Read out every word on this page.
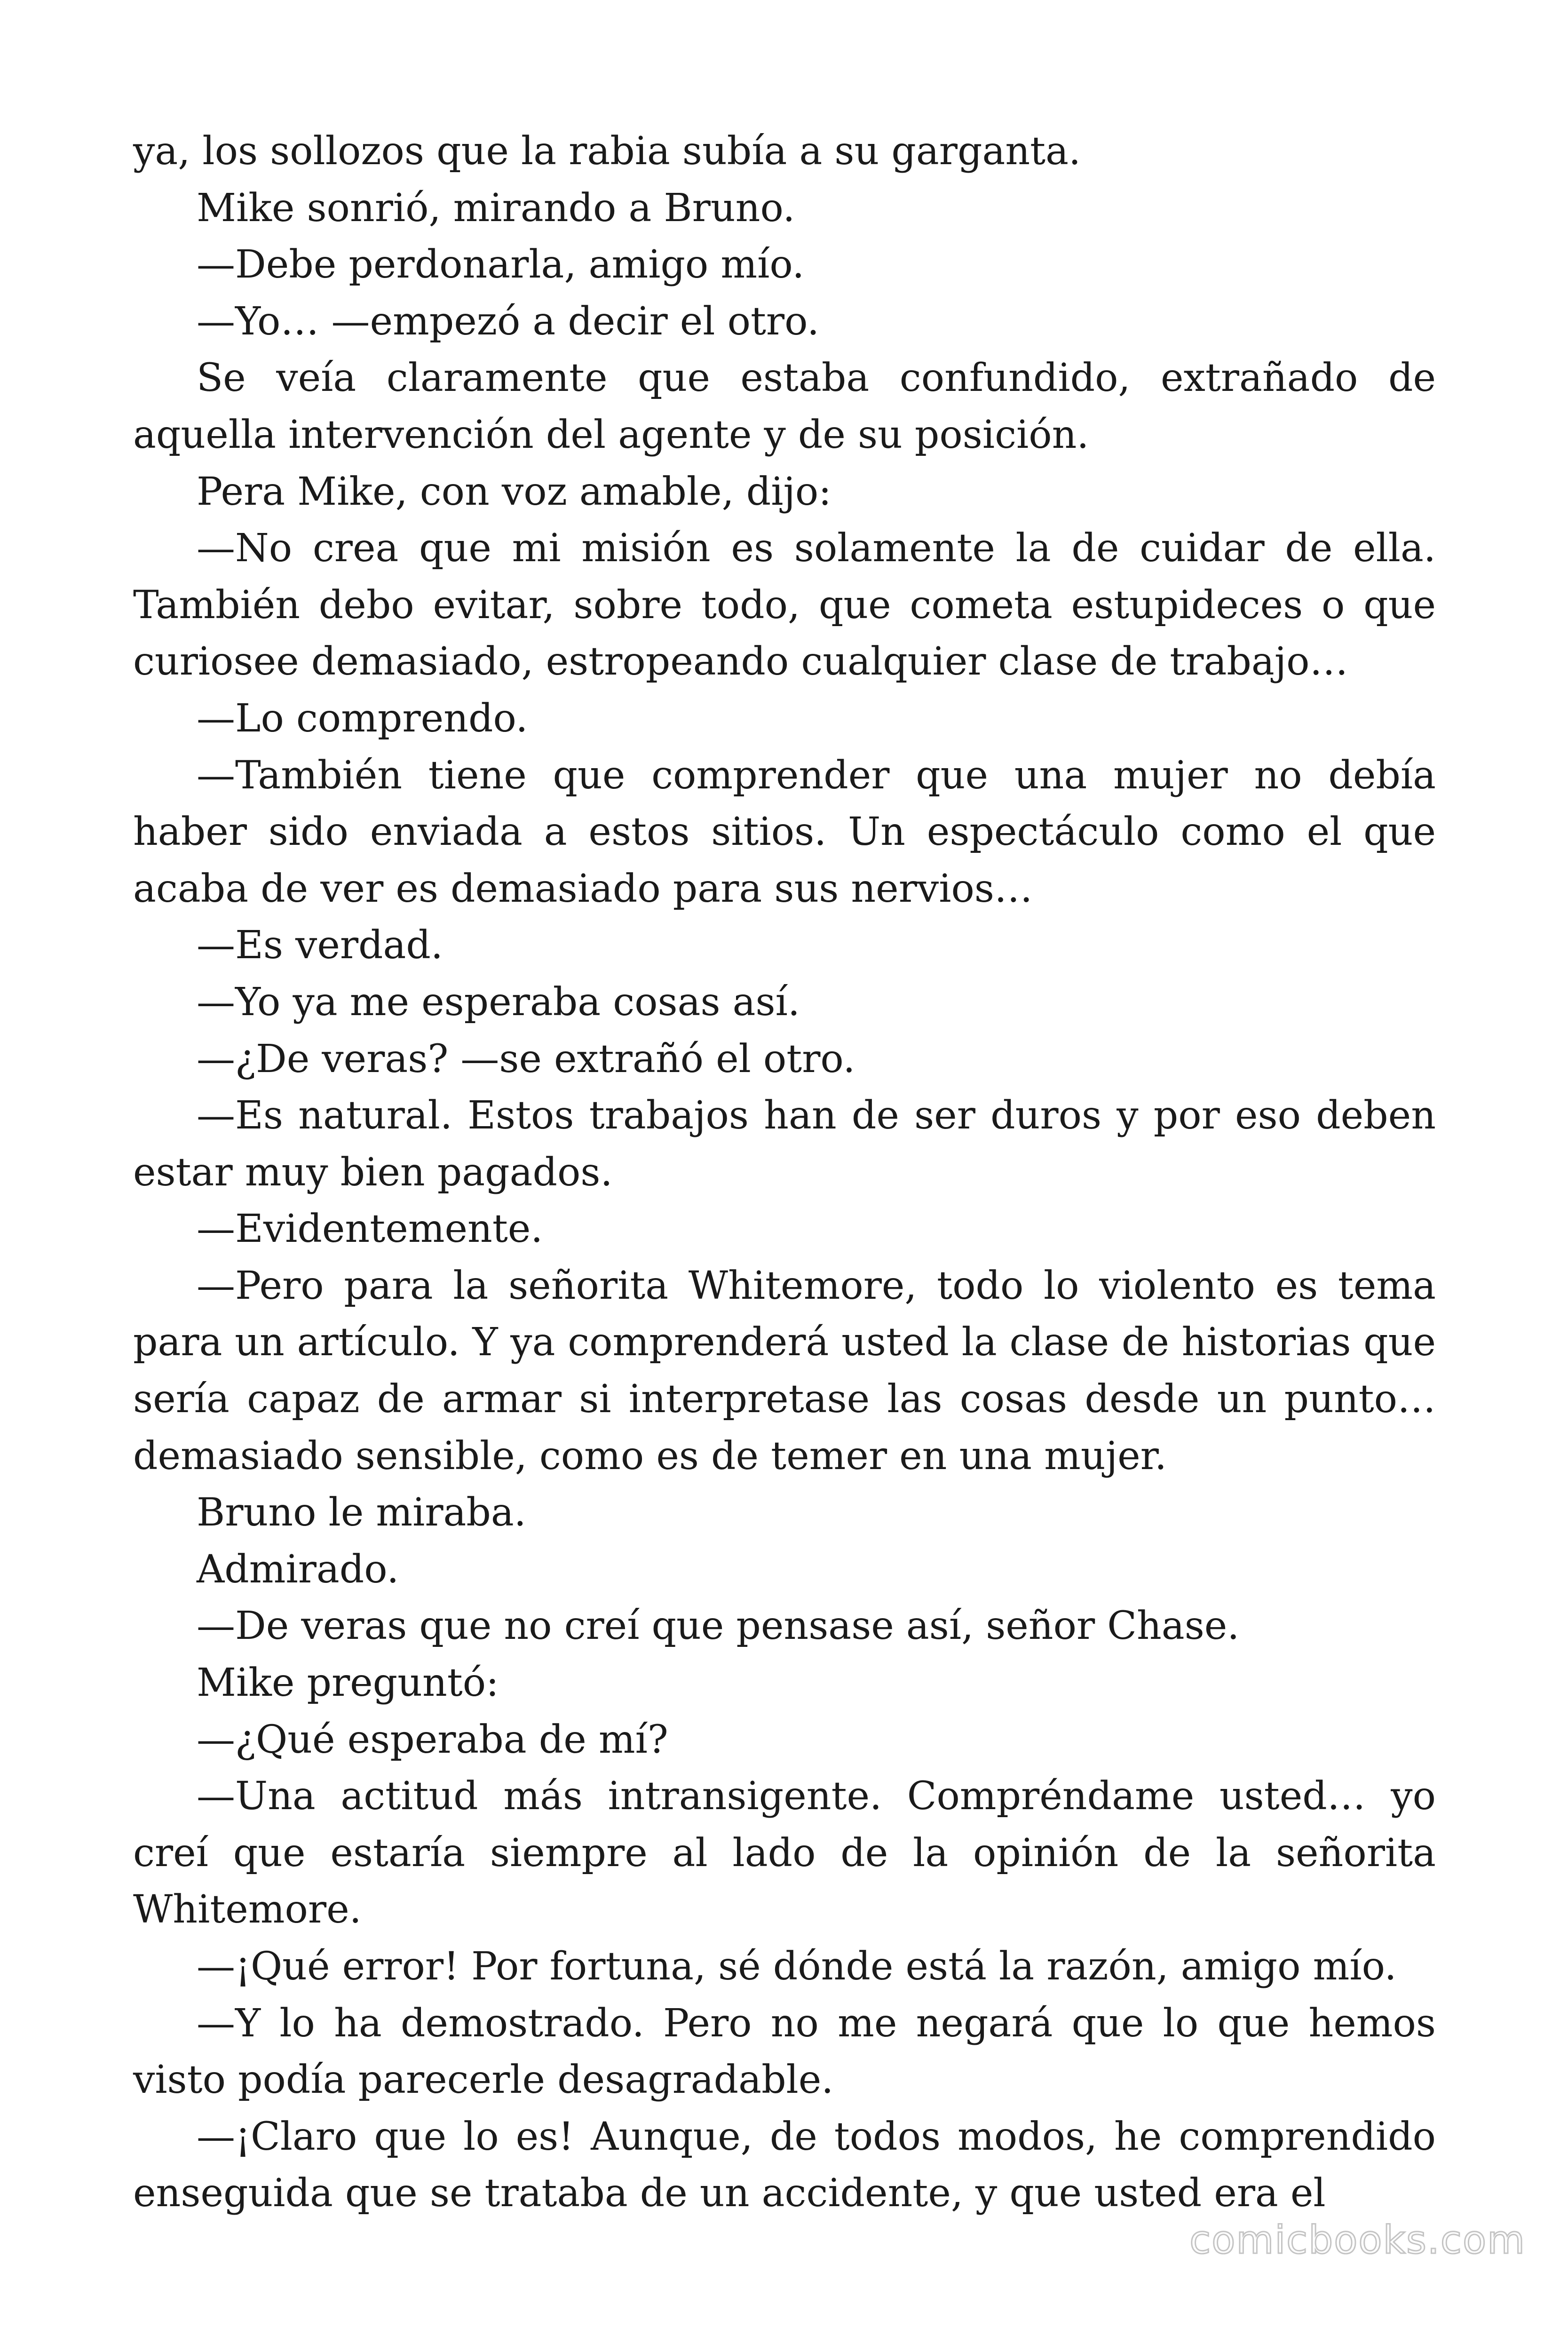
ya, los sollozos que la rabia subía a su garganta.

Mike sonrió, mirando a Bruno.

—Debe perdonarla, amigo mío.

—Yo… —empezó a decir el otro.

Se veía claramente que estaba confundido, extrañado de aquella intervención del agente y de su posición.

Pera Mike, con voz amable, dijo:

—No crea que mi misión es solamente la de cuidar de ella. También debo evitar, sobre todo, que cometa estupideces o que curiosee demasiado, estropeando cualquier clase de trabajo…

—Lo comprendo.

—También tiene que comprender que una mujer no debía haber sido enviada a estos sitios. Un espectáculo como el que acaba de ver es demasiado para sus nervios…

—Es verdad.

—Yo ya me esperaba cosas así.

—¿De veras? —se extrañó el otro.

—Es natural. Estos trabajos han de ser duros y por eso deben estar muy bien pagados.

—Evidentemente.

—Pero para la señorita Whitemore, todo lo violento es tema para un artículo. Y ya comprenderá usted la clase de historias que sería capaz de armar si interpretase las cosas desde un punto… demasiado sensible, como es de temer en una mujer.

Bruno le miraba.

Admirado.

—De veras que no creí que pensase así, señor Chase.

Mike preguntó:

—¿Qué esperaba de mí?

—Una actitud más intransigente. Compréndame usted… yo creí que estaría siempre al lado de la opinión de la señorita Whitemore.

—¡Qué error! Por fortuna, sé dónde está la razón, amigo mío.

—Y lo ha demostrado. Pero no me negará que lo que hemos visto podía parecerle desagradable.

—¡Claro que lo es! Aunque, de todos modos, he comprendido enseguida que se trataba de un accidente, y que usted era el

comicbooks.com
